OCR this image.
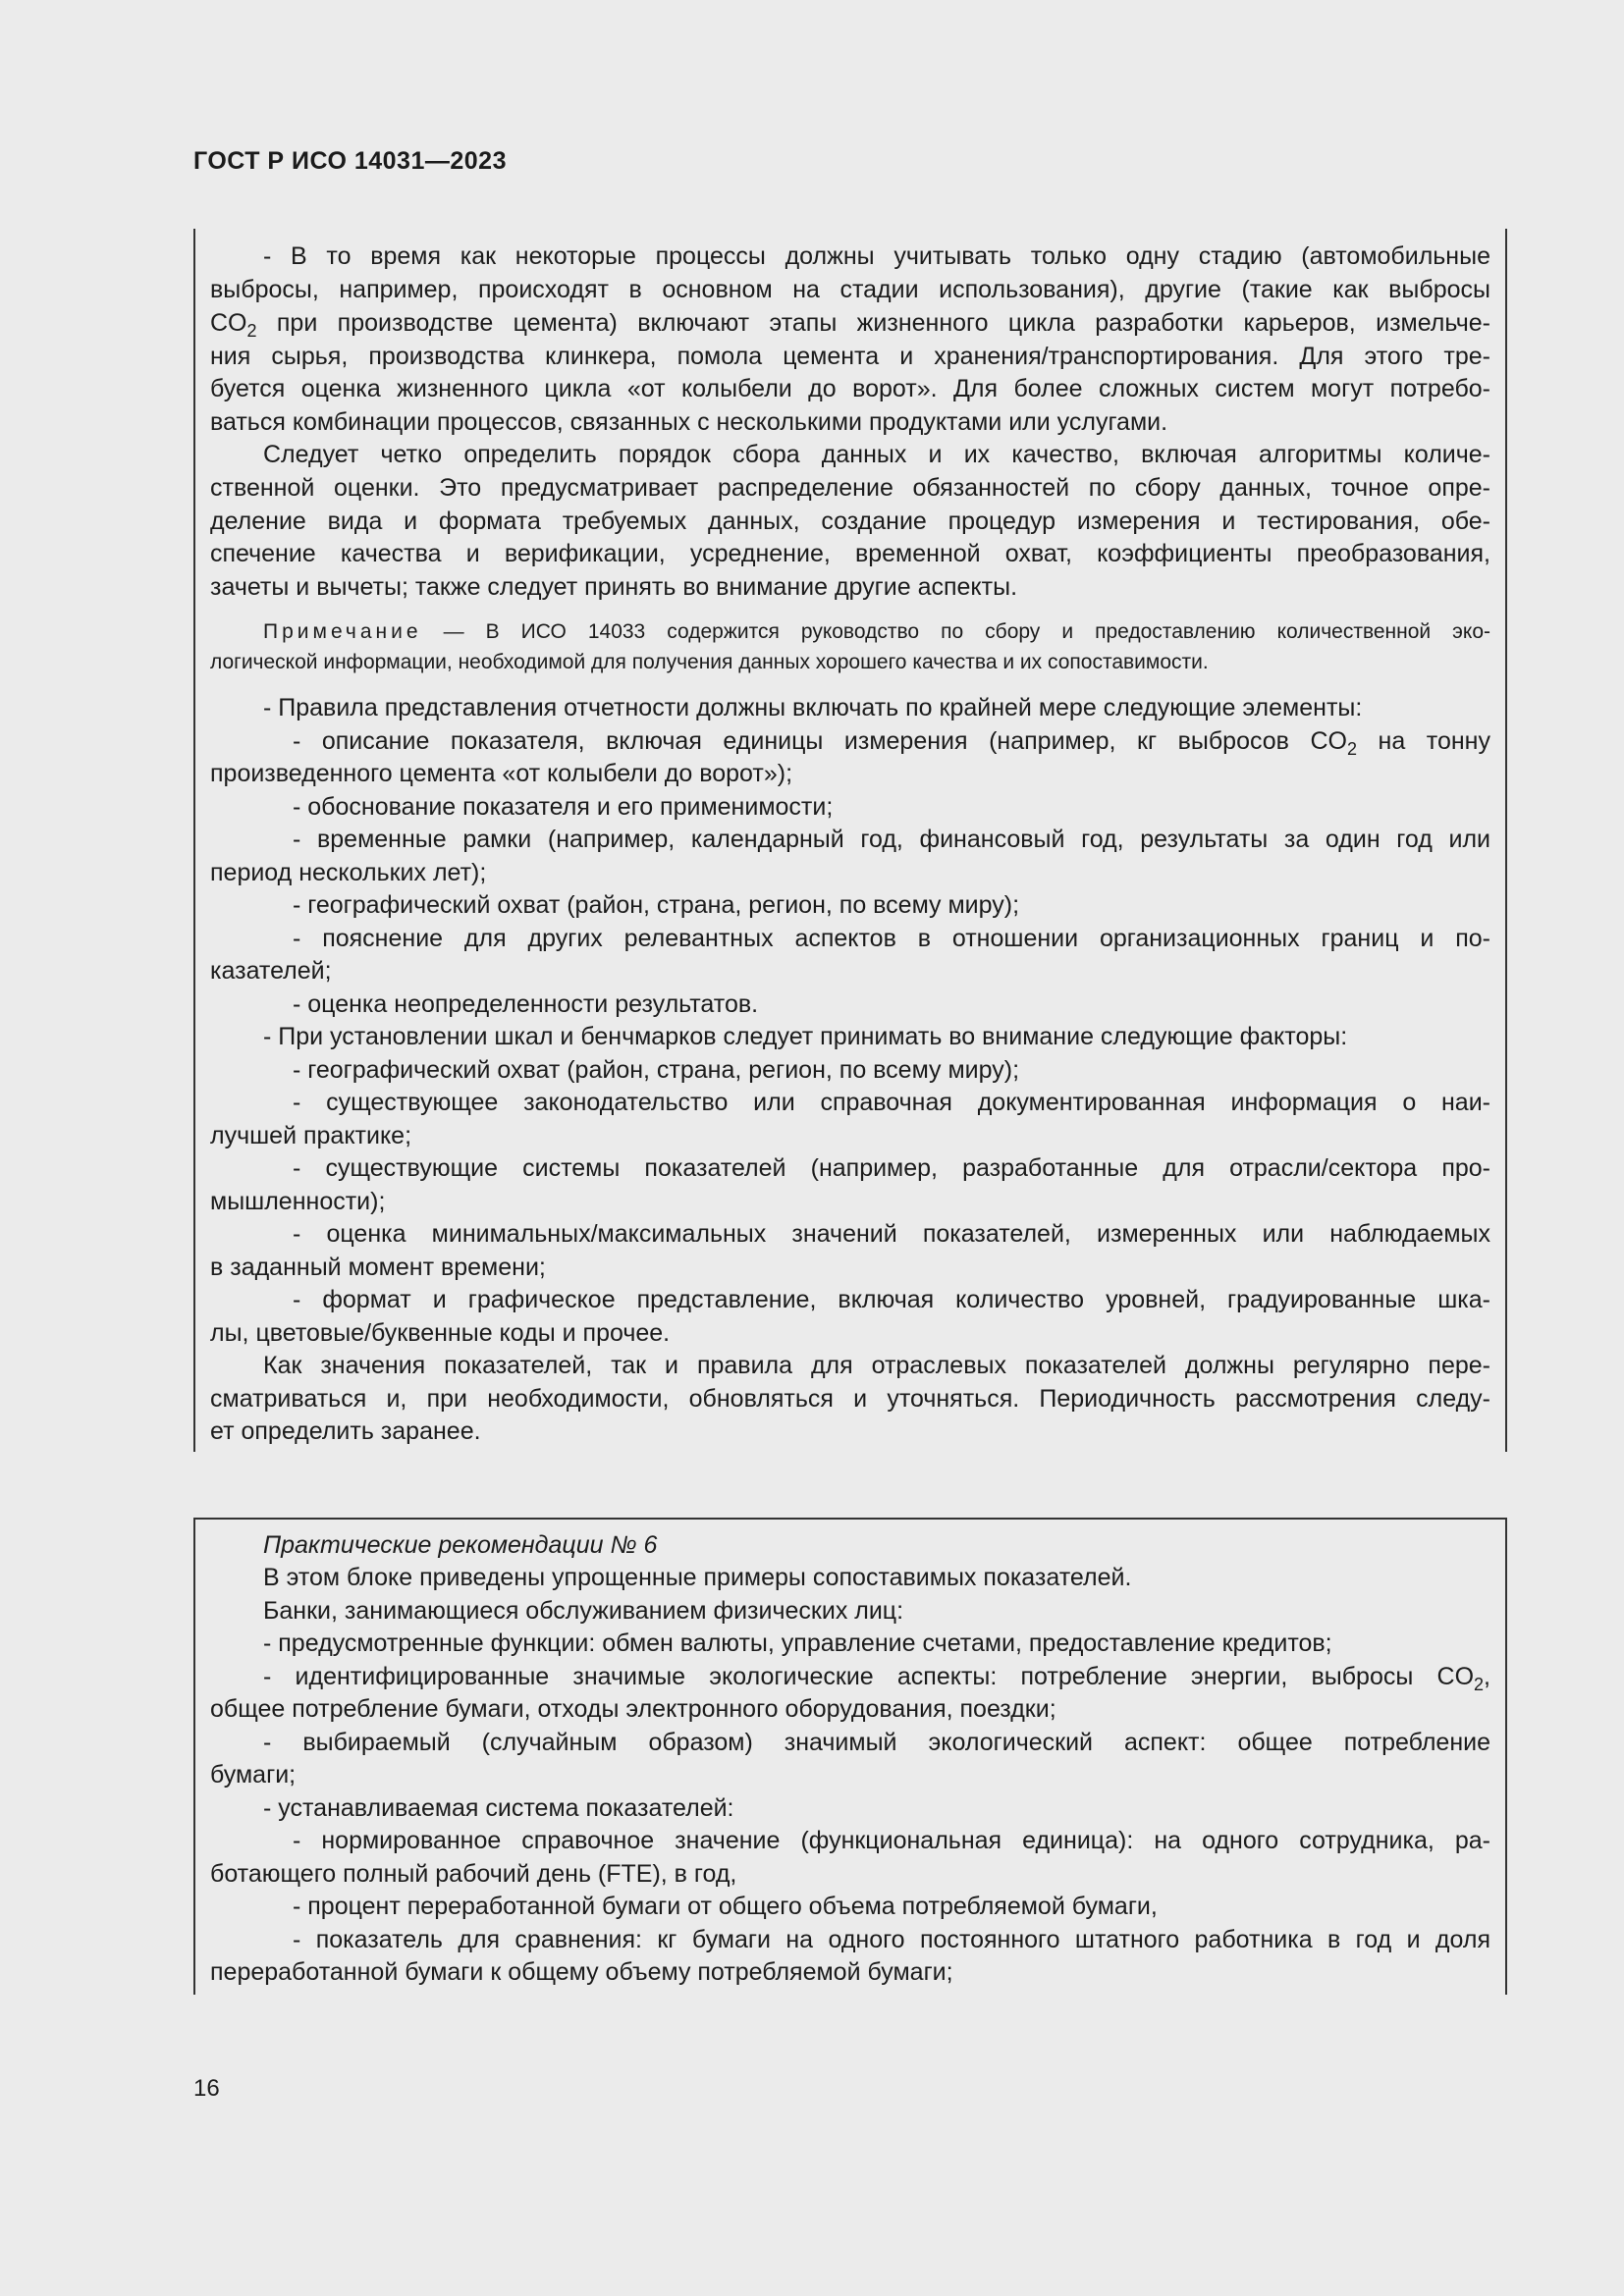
ГОСТ Р ИСО 14031—2023
- В то время как некоторые процессы должны учитывать только одну стадию (автомобильные
выбросы, например, происходят в основном на стадии использования), другие (такие как выбросы
$CO_2$ при производстве цемента) включают этапы жизненного цикла разработки карьеров, измельче-
ния сырья, производства клинкера, помола цемента и хранения/транспортирования. Для этого тре-
буется оценка жизненного цикла «от колыбели до ворот». Для более сложных систем могут потребо-
ваться комбинации процессов, связанных с несколькими продуктами или услугами.
Следует четко определить порядок сбора данных и их качество, включая алгоритмы количе-
ственной оценки. Это предусматривает распределение обязанностей по сбору данных, точное опре-
деление вида и формата требуемых данных, создание процедур измерения и тестирования, обе-
спечение качества и верификации, усреднение, временной охват, коэффициенты преобразования,
зачеты и вычеты; также следует принять во внимание другие аспекты.
Примечание — В ИСО 14033 содержится руководство по сбору и предоставлению количественной эко-
логической информации, необходимой для получения данных хорошего качества и их сопоставимости.
- Правила представления отчетности должны включать по крайней мере следующие элементы:
- описание показателя, включая единицы измерения (например, кг выбросов $CO_2$ на тонну
произведенного цемента «от колыбели до ворот»);
- обоснование показателя и его применимости;
- временные рамки (например, календарный год, финансовый год, результаты за один год или
период нескольких лет);
- географический охват (район, страна, регион, по всему миру);
- пояснение для других релевантных аспектов в отношении организационных границ и по-
казателей;
- оценка неопределенности результатов.
- При установлении шкал и бенчмарков следует принимать во внимание следующие факторы:
- географический охват (район, страна, регион, по всему миру);
- существующее законодательство или справочная документированная информация о наи-
лучшей практике;
- существующие системы показателей (например, разработанные для отрасли/сектора про-
мышленности);
- оценка минимальных/максимальных значений показателей, измеренных или наблюдаемых
в заданный момент времени;
- формат и графическое представление, включая количество уровней, градуированные шка-
лы, цветовые/буквенные коды и прочее.
Как значения показателей, так и правила для отраслевых показателей должны регулярно пере-
сматриваться и, при необходимости, обновляться и уточняться. Периодичность рассмотрения следу-
ет определить заранее.
Практические рекомендации № 6
В этом блоке приведены упрощенные примеры сопоставимых показателей.
Банки, занимающиеся обслуживанием физических лиц:
- предусмотренные функции: обмен валюты, управление счетами, предоставление кредитов;
- идентифицированные значимые экологические аспекты: потребление энергии, выбросы $CO_2$,
общее потребление бумаги, отходы электронного оборудования, поездки;
- выбираемый (случайным образом) значимый экологический аспект: общее потребление
бумаги;
- устанавливаемая система показателей:
- нормированное справочное значение (функциональная единица): на одного сотрудника, ра-
ботающего полный рабочий день (FTE), в год,
- процент переработанной бумаги от общего объема потребляемой бумаги,
- показатель для сравнения: кг бумаги на одного постоянного штатного работника в год и доля
переработанной бумаги к общему объему потребляемой бумаги;
16
